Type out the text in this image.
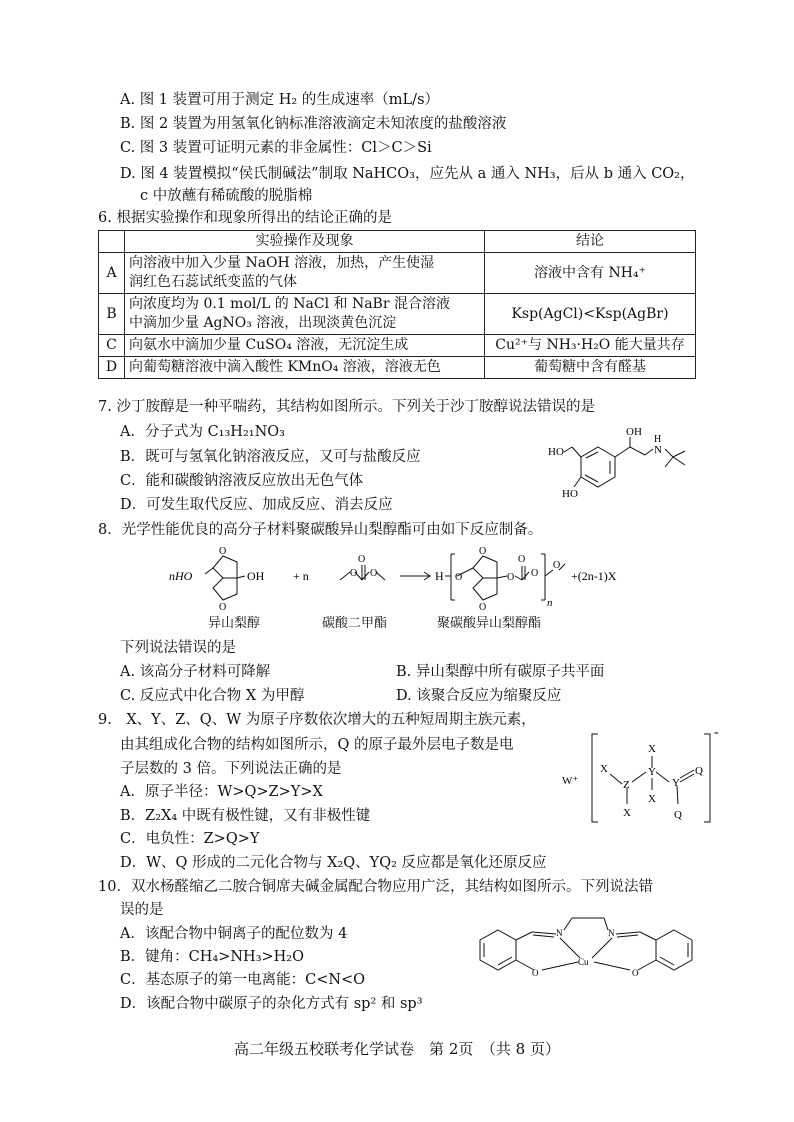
A. 图 1 装置可用于测定 H₂ 的生成速率（mL/s）
B. 图 2 装置为用氢氧化钠标准溶液滴定未知浓度的盐酸溶液
C. 图 3 装置可证明元素的非金属性：Cl＞C＞Si
D. 图 4 装置模拟“侯氏制碱法”制取 NaHCO₃，应先从 a 通入 NH₃，后从 b 通入 CO₂，
c 中放蘸有稀硫酸的脱脂棉
6. 根据实验操作和现象所得出的结论正确的是
	实验操作及现象	结论
A	向溶液中加入少量 NaOH 溶液，加热，产生使湿
润红色石蕊试纸变蓝的气体	溶液中含有 NH₄⁺
B	向浓度均为 0.1 mol/L 的 NaCl 和 NaBr 混合溶液
中滴加少量 AgNO₃ 溶液，出现淡黄色沉淀	Ksp(AgCl)<Ksp(AgBr)
C	向氨水中滴加少量 CuSO₄ 溶液，无沉淀生成	Cu²⁺与 NH₃·H₂O 能大量共存
D	向葡萄糖溶液中滴入酸性 KMnO₄ 溶液，溶液无色	葡萄糖中含有醛基
7. 沙丁胺醇是一种平喘药，其结构如图所示。下列关于沙丁胺醇说法错误的是
A．分子式为 C₁₃H₂₁NO₃
B．既可与氢氧化钠溶液反应，又可与盐酸反应
C．能和碳酸钠溶液反应放出无色气体
D．可发生取代反应、加成反应、消去反应
OH
H
N
HO
HO
8．光学性能优良的高分子材料聚碳酸异山梨醇酯可由如下反应制备。
nHO	OH
O
O
+ n	O O
O
H O	O
O
O
O
O	n
O
+(2n-1)X
异山梨醇	碳酸二甲酯	聚碳酸异山梨醇酯
下列说法错误的是
A. 该高分子材料可降解	B. 异山梨醇中所有碳原子共平面
C. 反应式中化合物 X 为甲醇	D. 该聚合反应为缩聚反应
9.　X、Y、Z、Q、W 为原子序数依次增大的五种短周期主族元素，
由其组成化合物的结构如图所示，Q 的原子最外层电子数是电
子层数的 3 倍。下列说法正确的是
A．原子半径：W>Q>Z>Y>X
B．Z₂X₄ 中既有极性键，又有非极性键
C．电负性：Z>Q>Y
D．W、Q 形成的二元化合物与 X₂Q、YQ₂ 反应都是氧化还原反应
W⁺
X
Z
X
X
Y
X
Y
Q
Q
-
10．双水杨醛缩乙二胺合铜席夫碱金属配合物应用广泛，其结构如图所示。下列说法错
误的是
A．该配合物中铜离子的配位数为 4
B．键角：CH₄>NH₃>H₂O
C．基态原子的第一电离能：C<N<O
D．该配合物中碳原子的杂化方式有 sp² 和 sp³
N	N
Cu
O	O
高二年级五校联考化学试卷　第 2页　（共 8 页）
